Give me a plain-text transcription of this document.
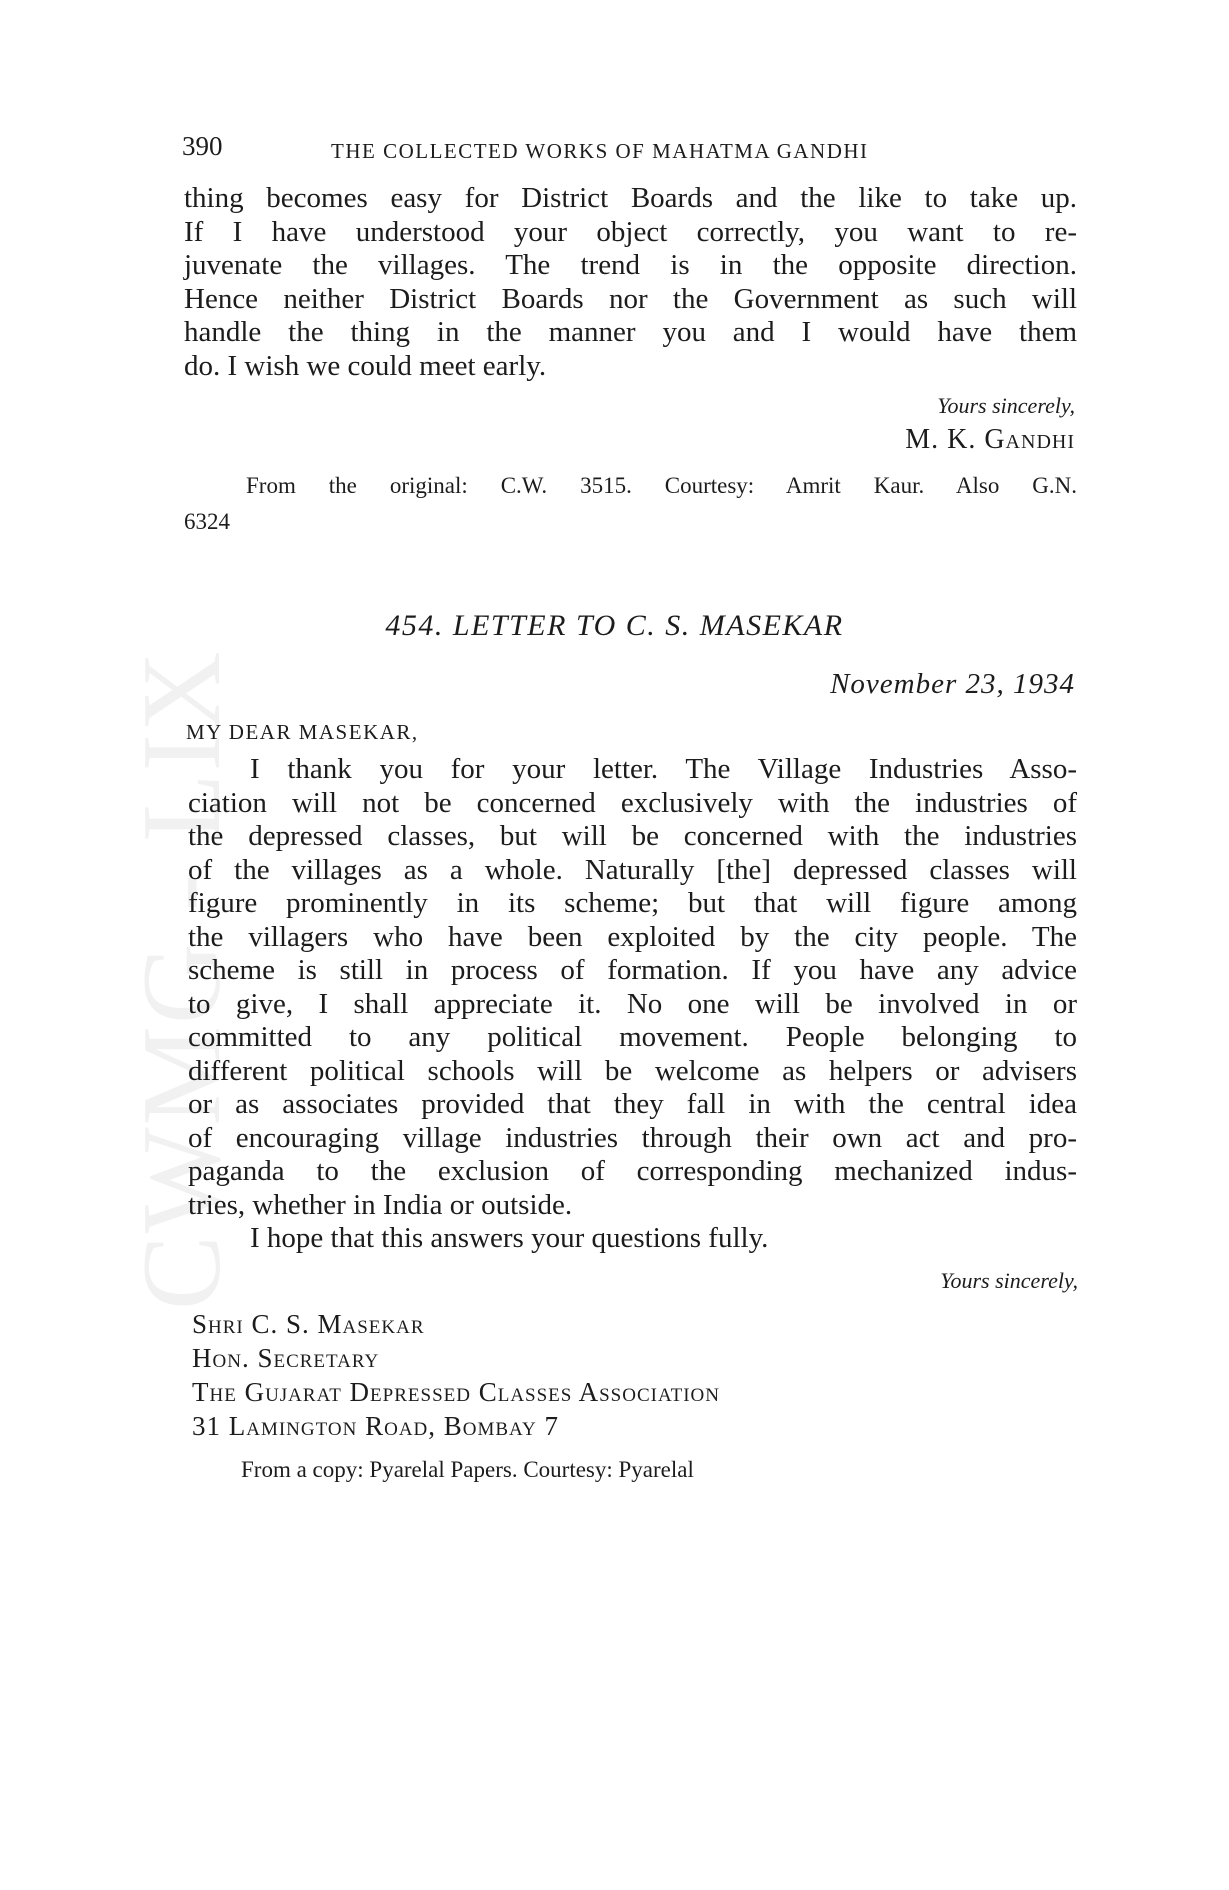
CWMG - LIX
390	THE COLLECTED WORKS OF MAHATMA GANDHI

thing becomes easy for District Boards and the like to take up.
If I have understood your object correctly, you want to re-
juvenate the villages. The trend is in the opposite direction.
Hence neither District Boards nor the Government as such will
handle the thing in the manner you and I would have them
do. I wish we could meet early.

Yours sincerely,
M. K. Gandhi
From the original: C.W. 3515. Courtesy: Amrit Kaur. Also G.N.
6324
454. LETTER TO C. S. MASEKAR
November 23, 1934
MY DEAR MASEKAR,

I thank you for your letter. The Village Industries Asso-
ciation will not be concerned exclusively with the industries of
the depressed classes, but will be concerned with the industries
of the villages as a whole. Naturally [the] depressed classes will
figure prominently in its scheme; but that will figure among
the villagers who have been exploited by the city people. The
scheme is still in process of formation. If you have any advice
to give, I shall appreciate it. No one will be involved in or
committed to any political movement. People belonging to
different political schools will be welcome as helpers or advisers
or as associates provided that they fall in with the central idea
of encouraging village industries through their own act and pro-
paganda to the exclusion of corresponding mechanized indus-
tries, whether in India or outside.

I hope that this answers your questions fully.

Yours sincerely,
Shri C. S. Masekar
Hon. Secretary
The Gujarat Depressed Classes Association
31 Lamington Road, Bombay 7
From a copy: Pyarelal Papers. Courtesy: Pyarelal
